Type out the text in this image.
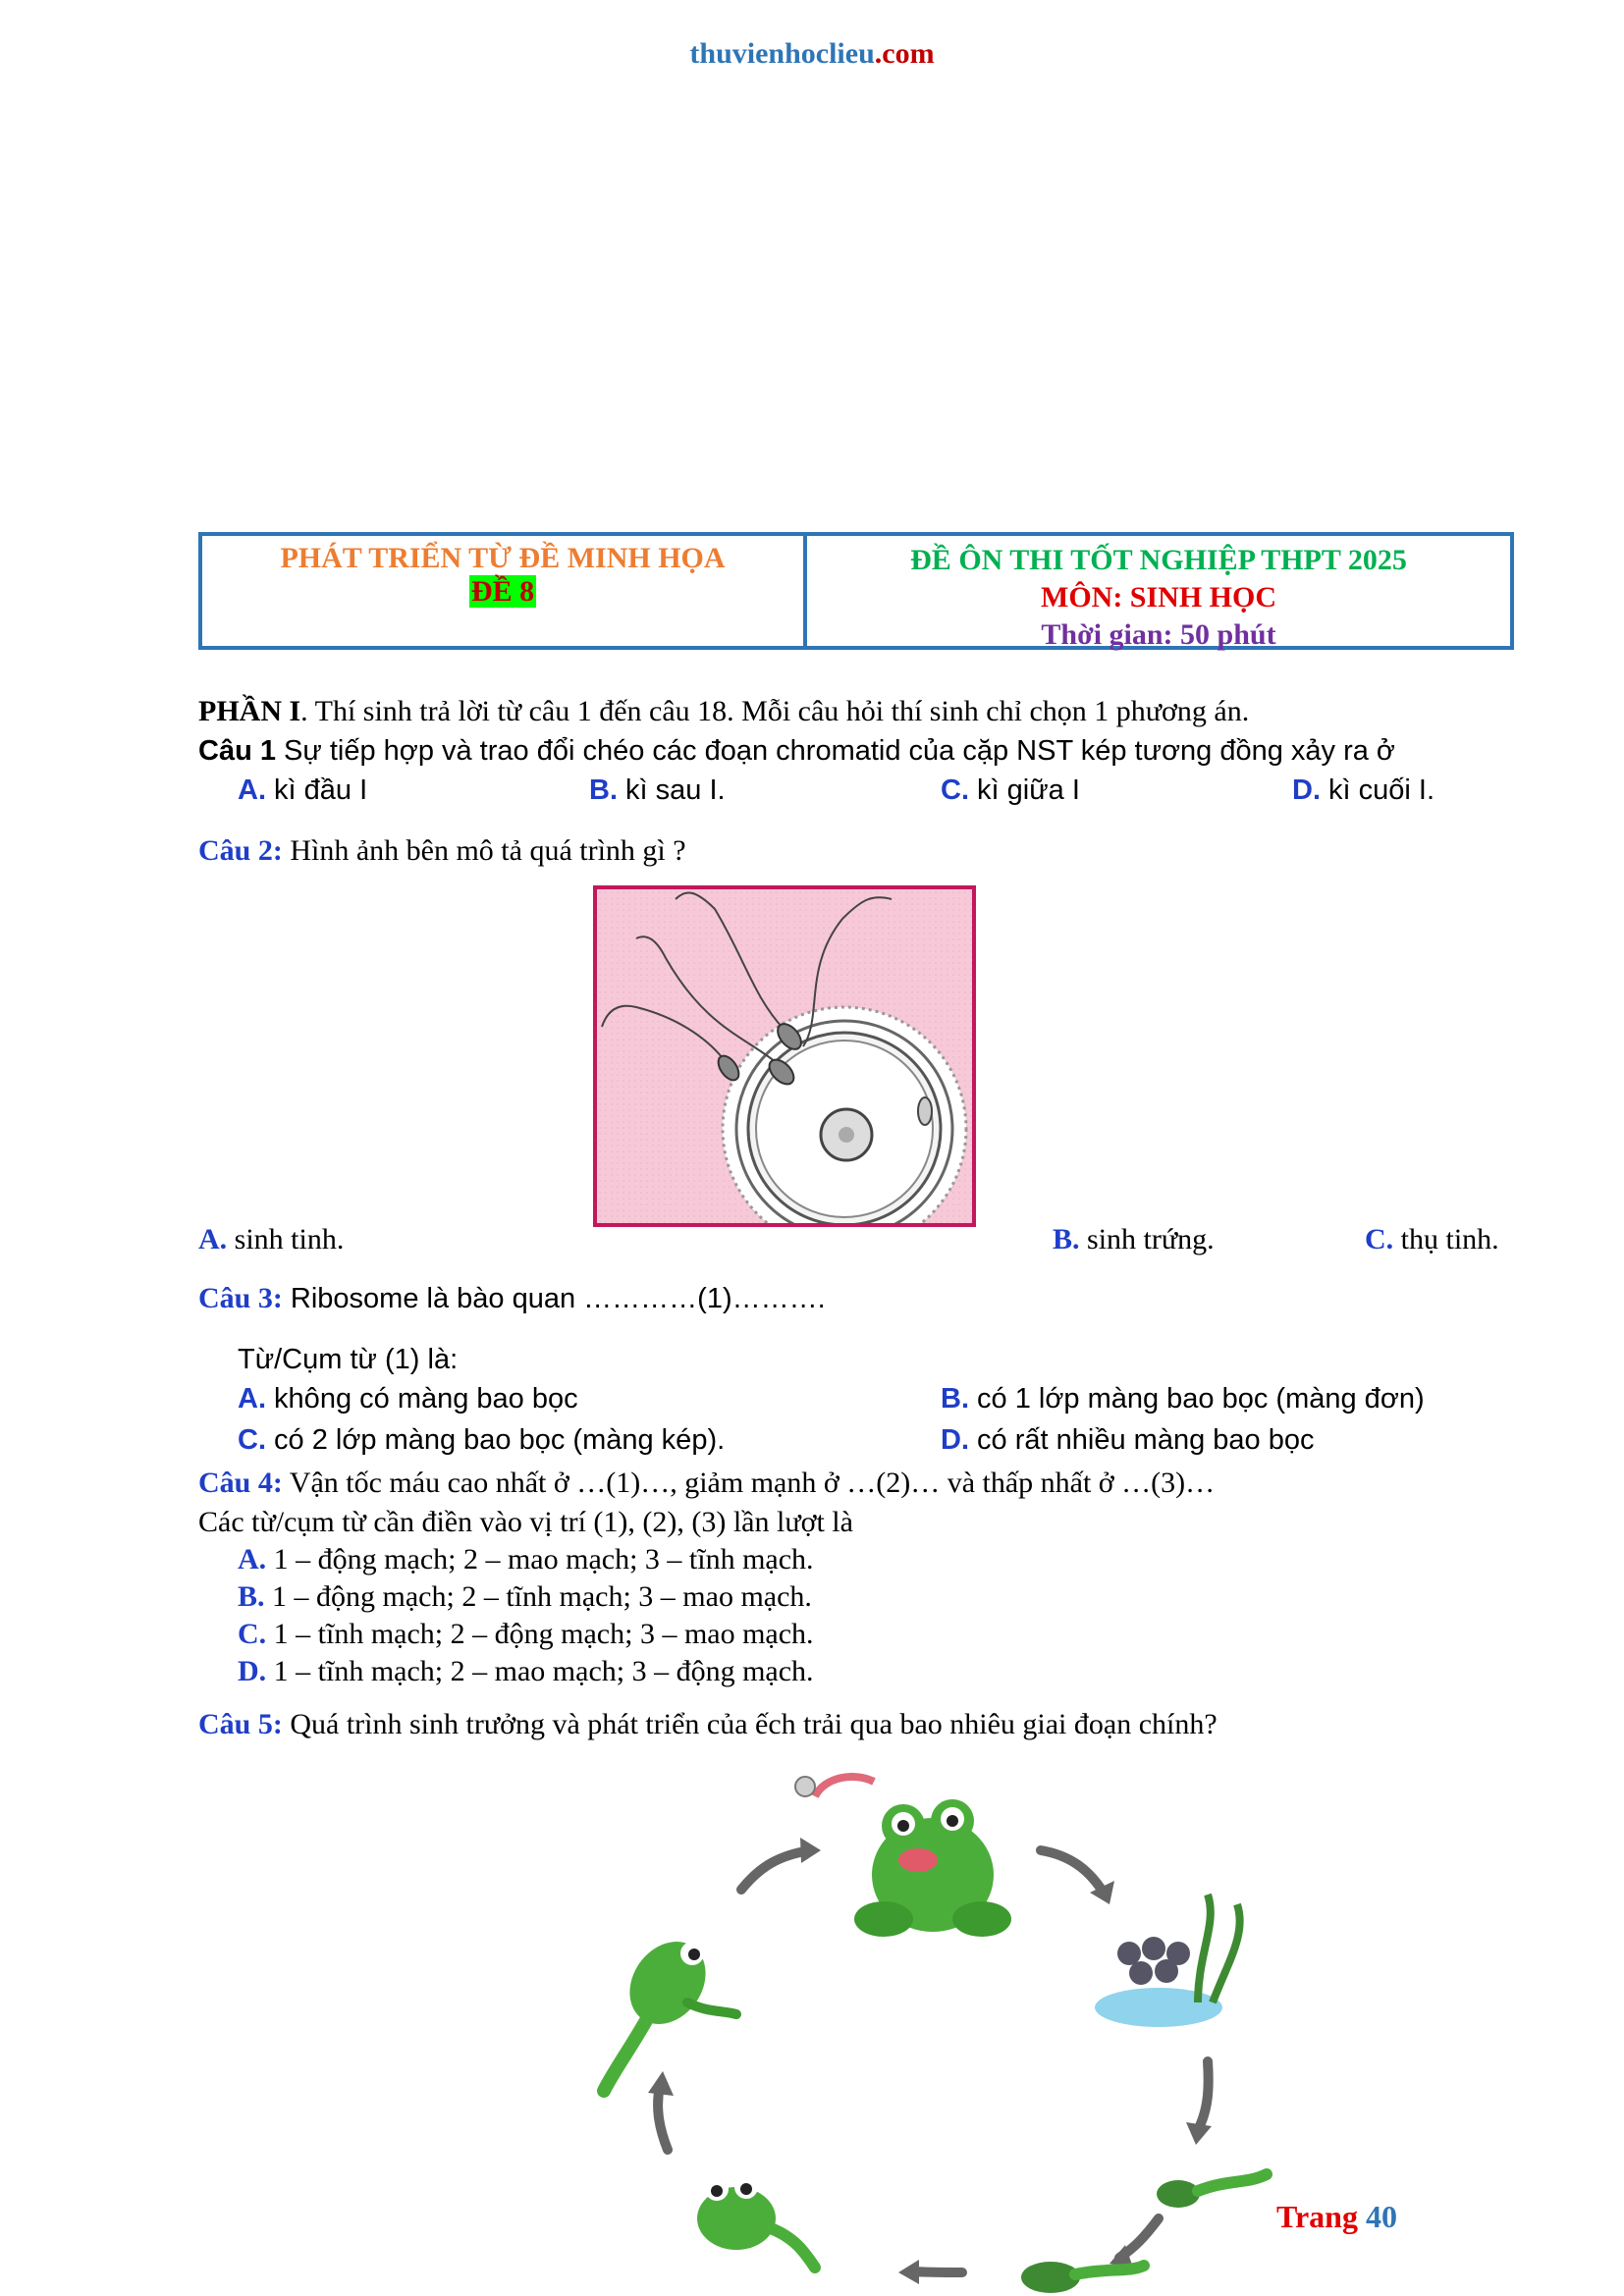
thuvienhoclieu.com
PHÁT TRIỂN TỪ ĐỀ MINH HỌA
ĐỀ 8
ĐỀ ÔN THI TỐT NGHIỆP THPT 2025
MÔN: SINH HỌC
Thời gian: 50 phút
PHẦN I. Thí sinh trả lời từ câu 1 đến câu 18. Mỗi câu hỏi thí sinh chỉ chọn 1 phương án.
Câu 1 Sự tiếp hợp và trao đổi chéo các đoạn chromatid của cặp NST kép tương đồng xảy ra ở
A. kì đầu I	B. kì sau I.	C. kì giữa I	D. kì cuối I.
Câu 2: Hình ảnh bên mô tả quá trình gì ?
A. sinh tinh.	B. sinh trứng.	C. thụ tinh.
Câu 3: Ribosome là bào quan …………(1)……….
Từ/Cụm từ (1) là:
A. không có màng bao bọc	B. có 1 lớp màng bao bọc (màng đơn)
C. có 2 lớp màng bao bọc (màng kép).	D. có rất nhiều màng bao bọc
Câu 4: Vận tốc máu cao nhất ở …(1)…, giảm mạnh ở …(2)… và thấp nhất ở …(3)…
Các từ/cụm từ cần điền vào vị trí (1), (2), (3) lần lượt là
A. 1 – động mạch; 2 – mao mạch; 3 – tĩnh mạch.
B. 1 – động mạch; 2 – tĩnh mạch; 3 – mao mạch.
C. 1 – tĩnh mạch; 2 – động mạch; 3 – mao mạch.
D. 1 – tĩnh mạch; 2 – mao mạch; 3 – động mạch.
Câu 5: Quá trình sinh trưởng và phát triển của ếch trải qua bao nhiêu giai đoạn chính?
Trang 40
